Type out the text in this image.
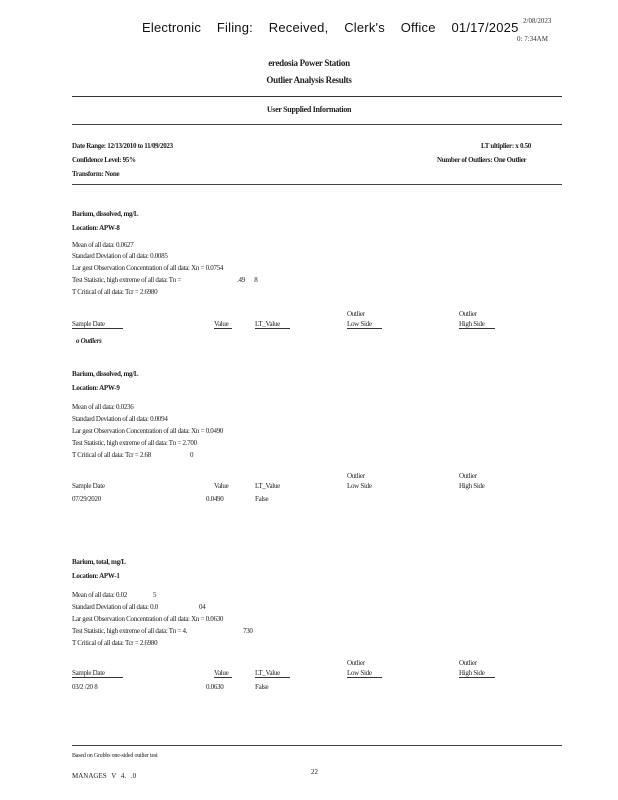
Electronic Filing: Received, Clerk's Office 01/17/2025 2/08/2023
0: 7:34AM
eredosia Power Station
Outlier Analysis Results
User Supplied Information
Date Range: 12/13/2010 to 11/09/2023
Confidence Level: 95%
Transform: None
LT ultiplier: x 0.50
Number of Outliers: One Outlier
Barium, dissolved, mg/L
Location: APW-8
Mean of all data: 0.0627
Standard Deviation of all data: 0.0085
Lar gest Observation Concentration of all data: Xn = 0.0754
Test Statistic, high extreme of all data: Tn =	.49 8
T Critical of all data: Tcr = 2.6980
Outlier	Outlier
Sample Date	Value	LT_Value	Low Side	High Side
o Outliers
Barium, dissolved, mg/L
Location: APW-9
Mean of all data: 0.0236
Standard Deviation of all data: 0.0094
Lar gest Observation Concentration of all data: Xn = 0.0490
Test Statistic, high extreme of all data: Tn = 2.700
T Critical of all data: Tcr = 2.68	0
Outlier	Outlier
Sample Date	Value	LT_Value	Low Side	High Side
07/29/2020	0.0490	False
Barium, total, mg/L
Location: APW-1
Mean of all data: 0.02	5
Standard Deviation of all data: 0.0	04
Lar gest Observation Concentration of all data: Xn = 0.0630
Test Statistic, high extreme of all data: Tn = 4.	730
T Critical of all data: Tcr = 2.6980
Outlier	Outlier
Sample Date	Value	LT_Value	Low Side	High Side
03/2 /20 8	0.0630	False
Based on Grubbs one-sided outlier test
MANAGES V 4. .0	22
